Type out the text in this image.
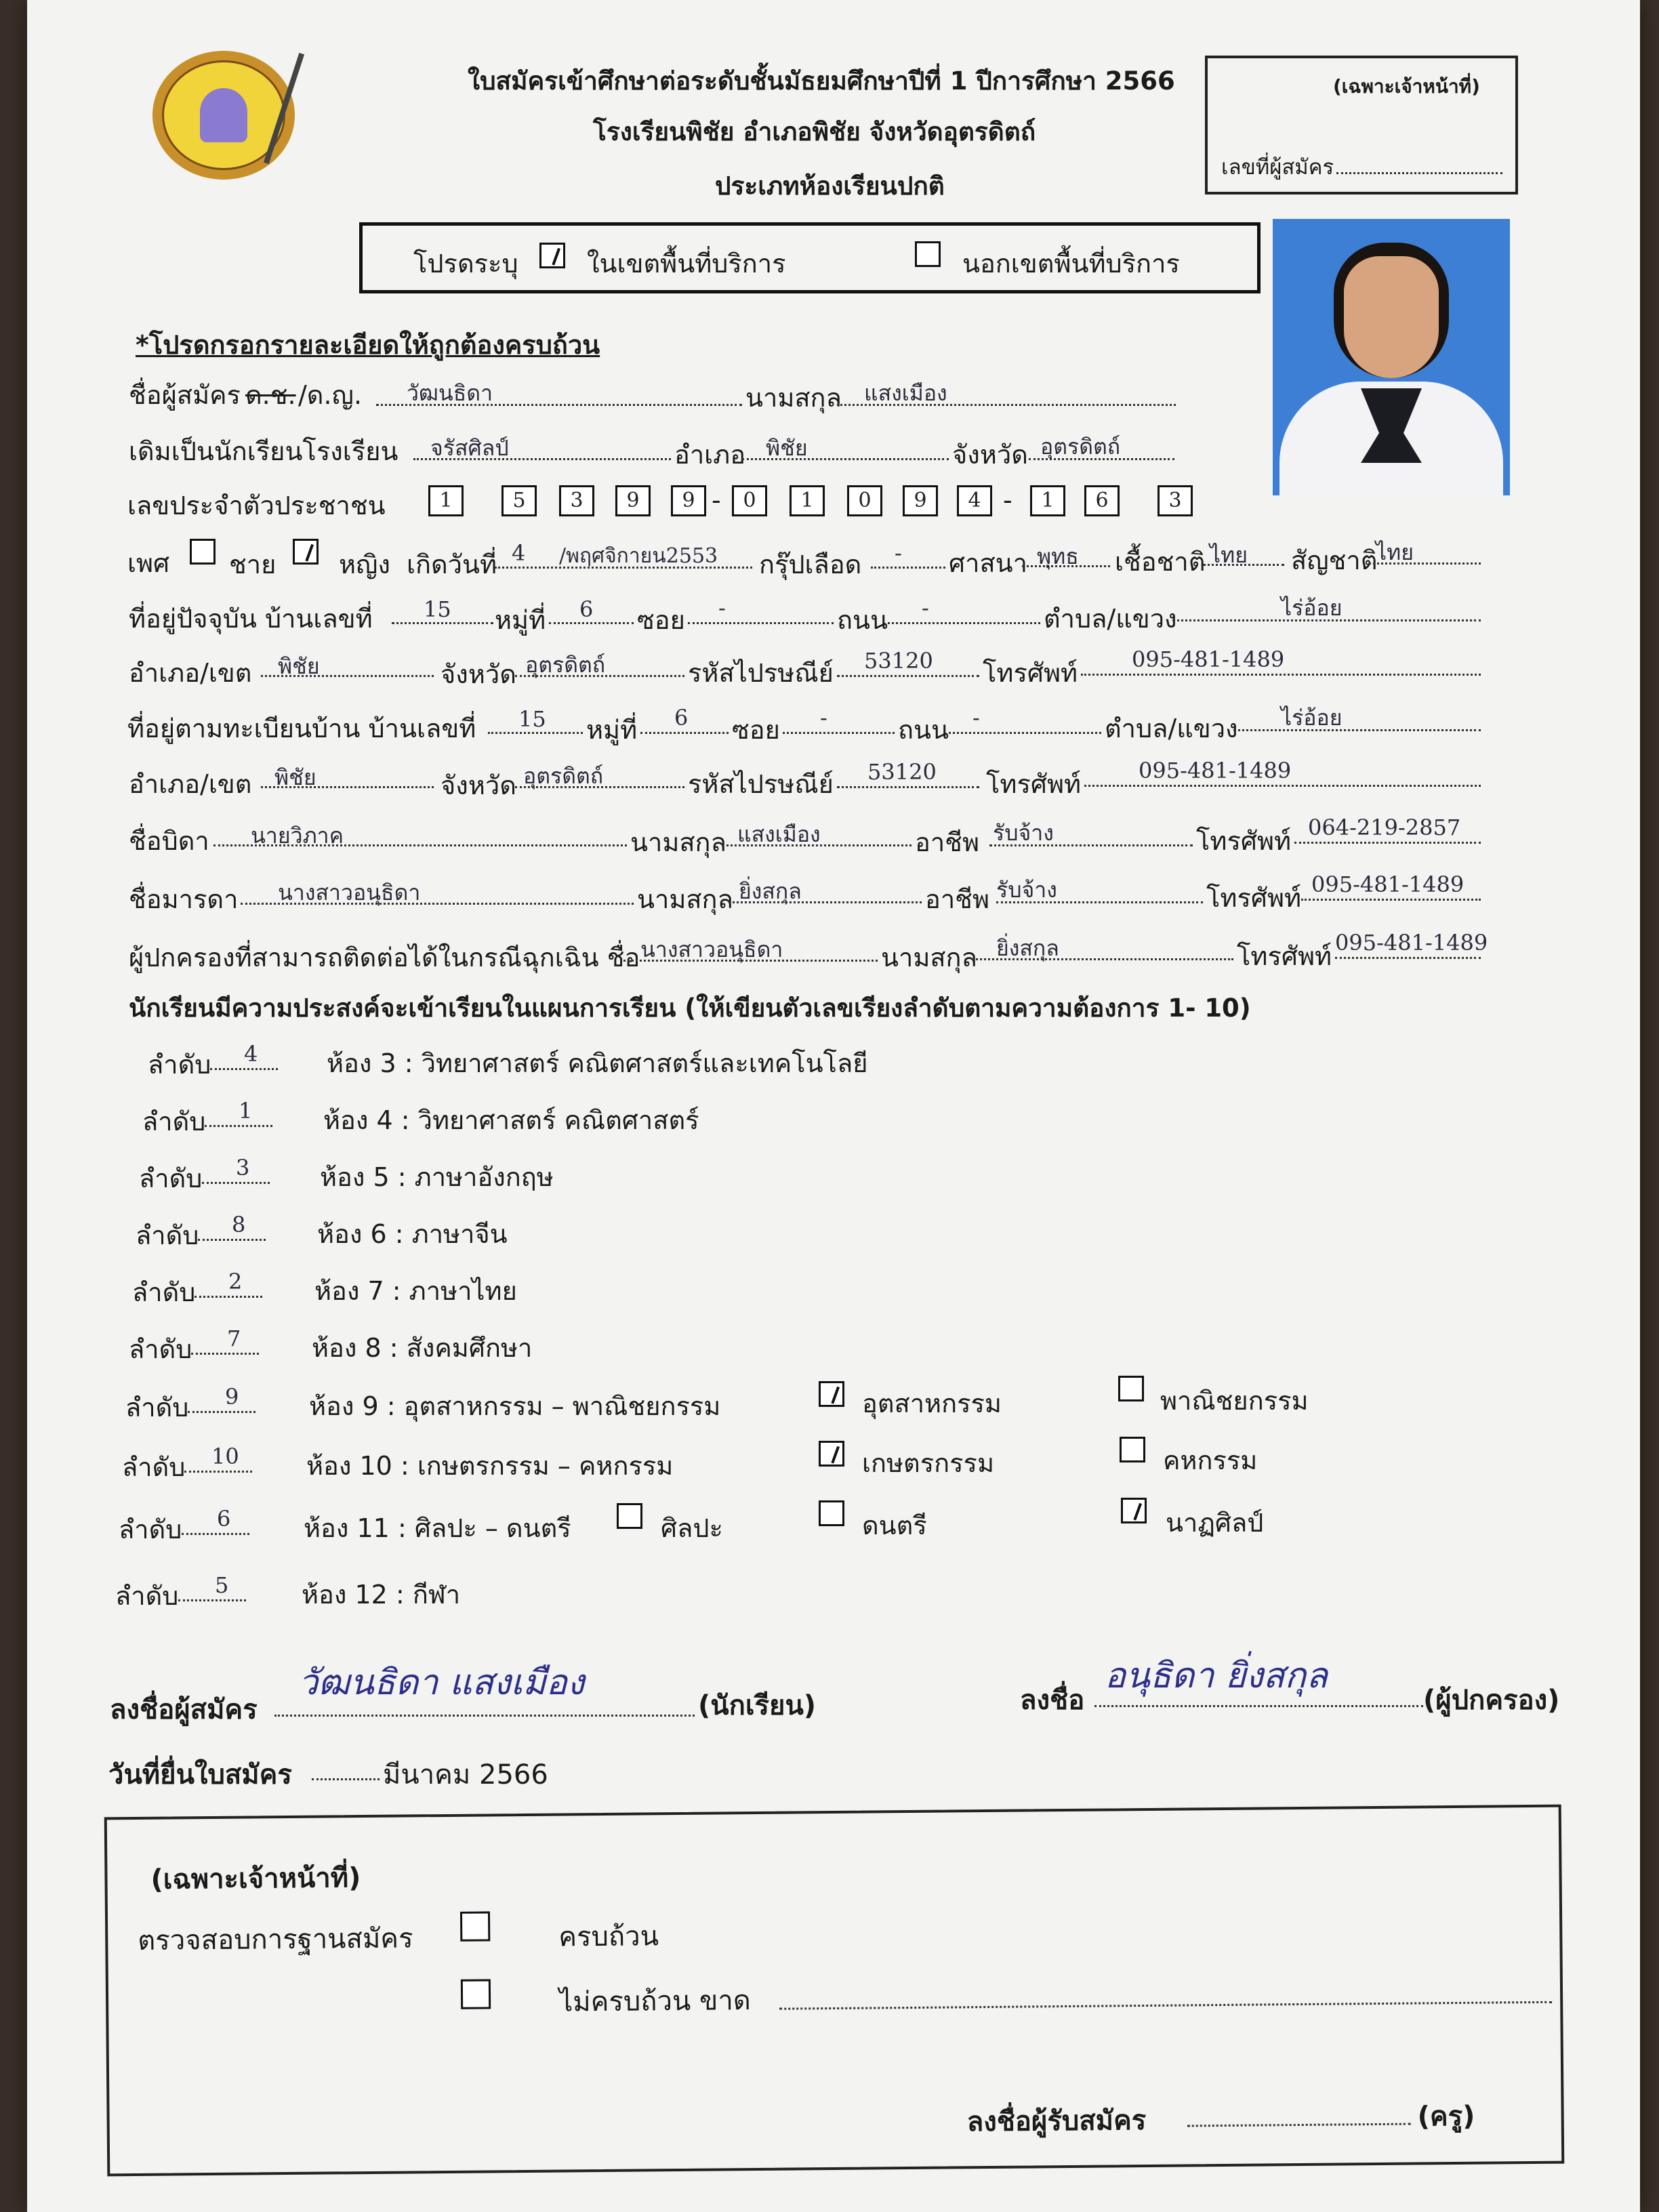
ใบสมัครเข้าศึกษาต่อระดับชั้นมัธยมศึกษาปีที่ 1 ปีการศึกษา 2566
โรงเรียนพิชัย อำเภอพิชัย จังหวัดอุตรดิตถ์
ประเภทห้องเรียนปกติ
(เฉพาะเจ้าหน้าที่)
เลขที่ผู้สมัคร
โปรดระบุ	ในเขตพื้นที่บริการ	นอกเขตพื้นที่บริการ
*โปรดกรอกรายละเอียดให้ถูกต้องครบถ้วน
ชื่อผู้สมัคร ด.ช. /ด.ญ. วัฒนธิดา	นามสกุล แสงเมือง
เดิมเป็นนักเรียนโรงเรียน จรัสศิลป์	อำเภอ พิชัย	จังหวัด อุตรดิตถ์
เลขประจำตัวประชาชน	1	5	3	9	9 -	0	1	0	9	4 -	1	6	3
เพศ ชาย หญิง เกิดวันที่ 4 /พฤศจิกายน2553 กรุ๊ปเลือด - ศาสนา พุทธ เชื้อชาติ ไทย สัญชาติ
ไทย
ที่อยู่ปัจจุบัน บ้านเลขที่ 15 หมู่ที่ 6 ซอย -	ถนน -	ตำบล/แขวง	ไร่อ้อย
อำเภอ/เขต พิชัย	จังหวัด อุตรดิตถ์	รหัสไปรษณีย์ 53120 โทรศัพท์ 095-481-1489
ที่อยู่ตามทะเบียนบ้าน บ้านเลขที่ 15 หมู่ที่ 6 ซอย -	ถนน -	ตำบล/แขวง ไร่อ้อย
อำเภอ/เขต พิชัย	จังหวัด อุตรดิตถ์	รหัสไปรษณีย์ 53120 โทรศัพท์	095-481-1489
ชื่อบิดา นายวิภาค	นามสกุล แสงเมือง	อาชีพ รับจ้าง	โทรศัพท์ 064-219-2857
ชื่อมารดา นางสาวอนุธิดา	นามสกุล ยิ่งสกุล	อาชีพ รับจ้าง	โทรศัพท์ 095-481-1489
ผู้ปกครองที่สามารถติดต่อได้ในกรณีฉุกเฉิน ชื่อ นางสาวอนุธิดา	นามสกุล ยิ่งสกุล	โทรศัพท์ 095-481-1489
นักเรียนมีความประสงค์จะเข้าเรียนในแผนการเรียน (ให้เขียนตัวเลขเรียงลำดับตามความต้องการ 1- 10)
ลำดับ 4	ห้อง 3 : วิทยาศาสตร์ คณิตศาสตร์และเทคโนโลยี
ลำดับ 1	ห้อง 4 : วิทยาศาสตร์ คณิตศาสตร์
ลำดับ 3	ห้อง 5 : ภาษาอังกฤษ
ลำดับ 8	ห้อง 6 : ภาษาจีน
ลำดับ 2	ห้อง 7 : ภาษาไทย
ลำดับ 7	ห้อง 8 : สังคมศึกษา
ลำดับ 9	ห้อง 9 : อุตสาหกรรม – พาณิชยกรรม	อุตสาหกรรม	พาณิชยกรรม
ลำดับ 10	ห้อง 10 : เกษตรกรรม – คหกรรม	เกษตรกรรม	คหกรรม
ลำดับ 6	ห้อง 11 : ศิลปะ – ดนตรี	ศิลปะ	ดนตรี	นาฏศิลป์
ลำดับ 5	ห้อง 12 : กีฬา
ลงชื่อผู้สมัคร
วัฒนธิดา แสงเมือง
(นักเรียน)	ลงชื่อ
อนุธิดา ยิ่งสกุล
(ผู้ปกครอง)
วันที่ยื่นใบสมัคร	มีนาคม 2566
(เฉพาะเจ้าหน้าที่)
ตรวจสอบการฐานสมัคร	ครบถ้วน
ไม่ครบถ้วน ขาด
ลงชื่อผู้รับสมัคร	(ครู)
